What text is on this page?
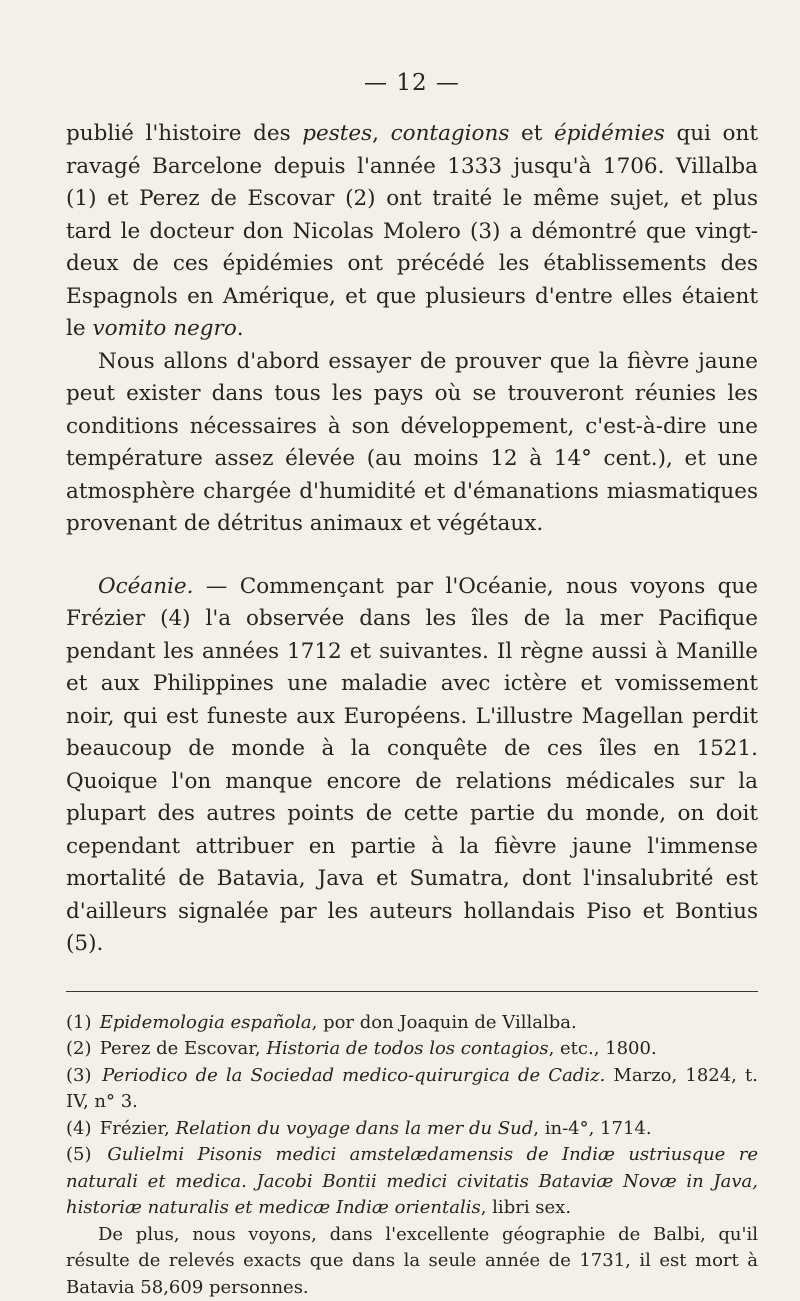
— 12 —

publié l'histoire des pestes, contagions et épidémies qui ont ravagé Barcelone depuis l'année 1333 jusqu'à 1706. Villalba (1) et Perez de Escovar (2) ont traité le même sujet, et plus tard le docteur don Nicolas Molero (3) a démontré que vingt-deux de ces épidémies ont précédé les établissements des Espagnols en Amérique, et que plusieurs d'entre elles étaient le vomito negro.

Nous allons d'abord essayer de prouver que la fièvre jaune peut exister dans tous les pays où se trouveront réunies les conditions nécessaires à son développement, c'est-à-dire une température assez élevée (au moins 12 à 14° cent.), et une atmosphère chargée d'humidité et d'émanations miasmatiques provenant de détritus animaux et végétaux.

Océanie. — Commençant par l'Océanie, nous voyons que Frézier (4) l'a observée dans les îles de la mer Pacifique pendant les années 1712 et suivantes. Il règne aussi à Manille et aux Philippines une maladie avec ictère et vomissement noir, qui est funeste aux Européens. L'illustre Magellan perdit beaucoup de monde à la conquête de ces îles en 1521. Quoique l'on manque encore de relations médicales sur la plupart des autres points de cette partie du monde, on doit cependant attribuer en partie à la fièvre jaune l'immense mortalité de Batavia, Java et Sumatra, dont l'insalubrité est d'ailleurs signalée par les auteurs hollandais Piso et Bontius (5).

(1) Epidemologia española, por don Joaquin de Villalba.

(2) Perez de Escovar, Historia de todos los contagios, etc., 1800.

(3) Periodico de la Sociedad medico-quirurgica de Cadiz. Marzo, 1824, t. IV, n° 3.

(4) Frézier, Relation du voyage dans la mer du Sud, in-4°, 1714.

(5) Gulielmi Pisonis medici amstelædamensis de Indiæ ustriusque re naturali et medica. Jacobi Bontii medici civitatis Bataviæ Novæ in Java, historiæ naturalis et medicæ Indiæ orientalis, libri sex.

De plus, nous voyons, dans l'excellente géographie de Balbi, qu'il résulte de relevés exacts que dans la seule année de 1731, il est mort à Batavia 58,609 personnes.
